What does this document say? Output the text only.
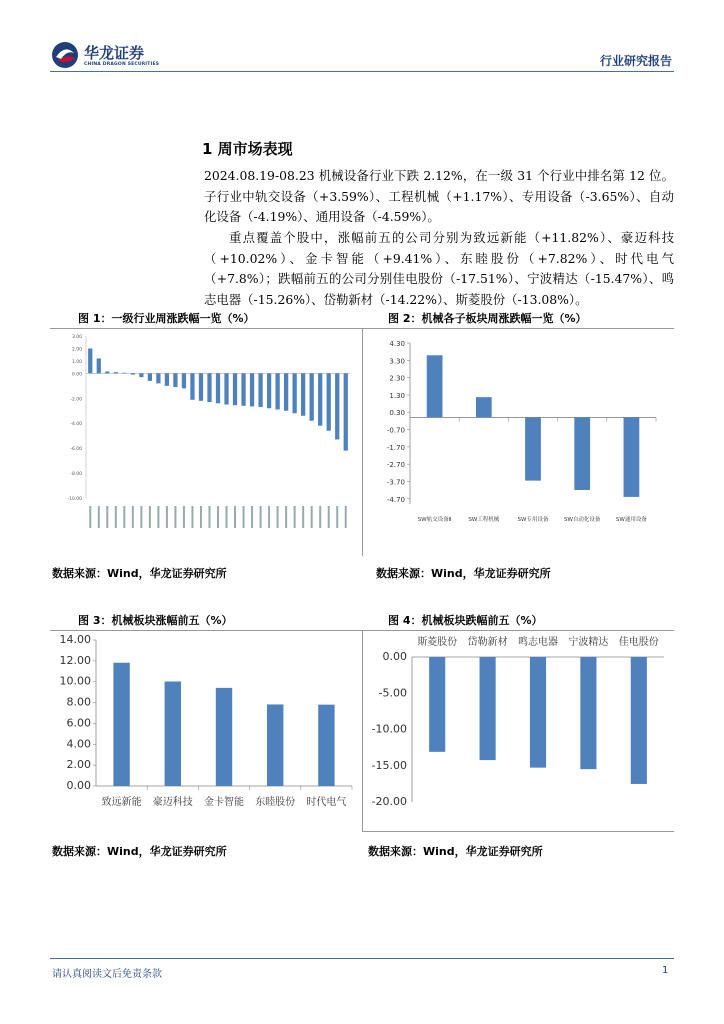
华龙证券
CHINA DRAGON SECURITIES	行业研究报告
1 周市场表现
2024.08.19-08.23 机械设备行业下跌 2.12%，在一级 31 个行业中排名第 12 位。子行业中轨交设备（+3.59%）、工程机械（+1.17%）、专用设备（-3.65%）、自动化设备（-4.19%）、通用设备（-4.59%）。
重点覆盖个股中，涨幅前五的公司分别为致远新能（+11.82%）、豪迈科技（+10.02%）、金卡智能（+9.41%）、东睦股份（+7.82%）、时代电气（+7.8%）；跌幅前五的公司分别佳电股份（-17.51%）、宁波精达（-15.47%）、鸣志电器（-15.26%）、岱勒新材（-14.22%）、斯菱股份（-13.08%）。
图 1：一级行业周涨跌幅一览（%）	图 2：机械各子板块周涨跌幅一览（%）
图 3：机械板块涨幅前五（%）	图 4：机械板块跌幅前五（%）
3.00
2.00
1.00
0.00
-2.00
-4.00
-6.00
-8.00
-10.00
4.30
3.30
2.30
1.30
0.30
-0.70
-1.70
-2.70
-3.70
-4.70
SW轨交设备Ⅱ	SW工程机械	SW专用设备	SW自动化设备	SW通用设备
14.00
12.00
10.00
8.00
6.00
4.00
2.00
0.00
致远新能 豪迈科技 金卡智能 东睦股份 时代电气
0.00
-5.00
-10.00
-15.00
-20.00
斯菱股份 岱勒新材 鸣志电器 宁波精达 佳电股份
数据来源：Wind，华龙证券研究所	数据来源：Wind，华龙证券研究所
数据来源：Wind，华龙证券研究所	数据来源：Wind，华龙证券研究所
请认真阅读文后免责条款	1
